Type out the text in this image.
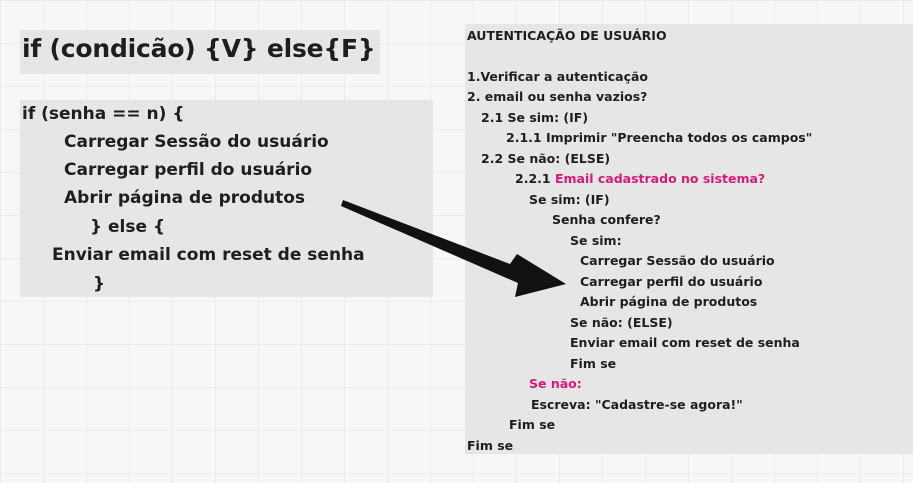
if (condicão) {V} else{F}
if (senha == n) {
Carregar Sessão do usuário
Carregar perfil do usuário
Abrir página de produtos
} else {
Enviar email com reset de senha
}
AUTENTICAÇÃO DE USUÁRIO
1.Verificar a autenticação
2. email ou senha vazios?
2.1 Se sim: (IF)
2.1.1 Imprimir "Preencha todos os campos"
2.2 Se não: (ELSE)
2.2.1 Email cadastrado no sistema?
Se sim: (IF)
Senha confere?
Se sim:
Carregar Sessão do usuário
Carregar perfil do usuário
Abrir página de produtos
Se não: (ELSE)
Enviar email com reset de senha
Fim se
Se não:
Escreva: "Cadastre-se agora!"
Fim se
Fim se
